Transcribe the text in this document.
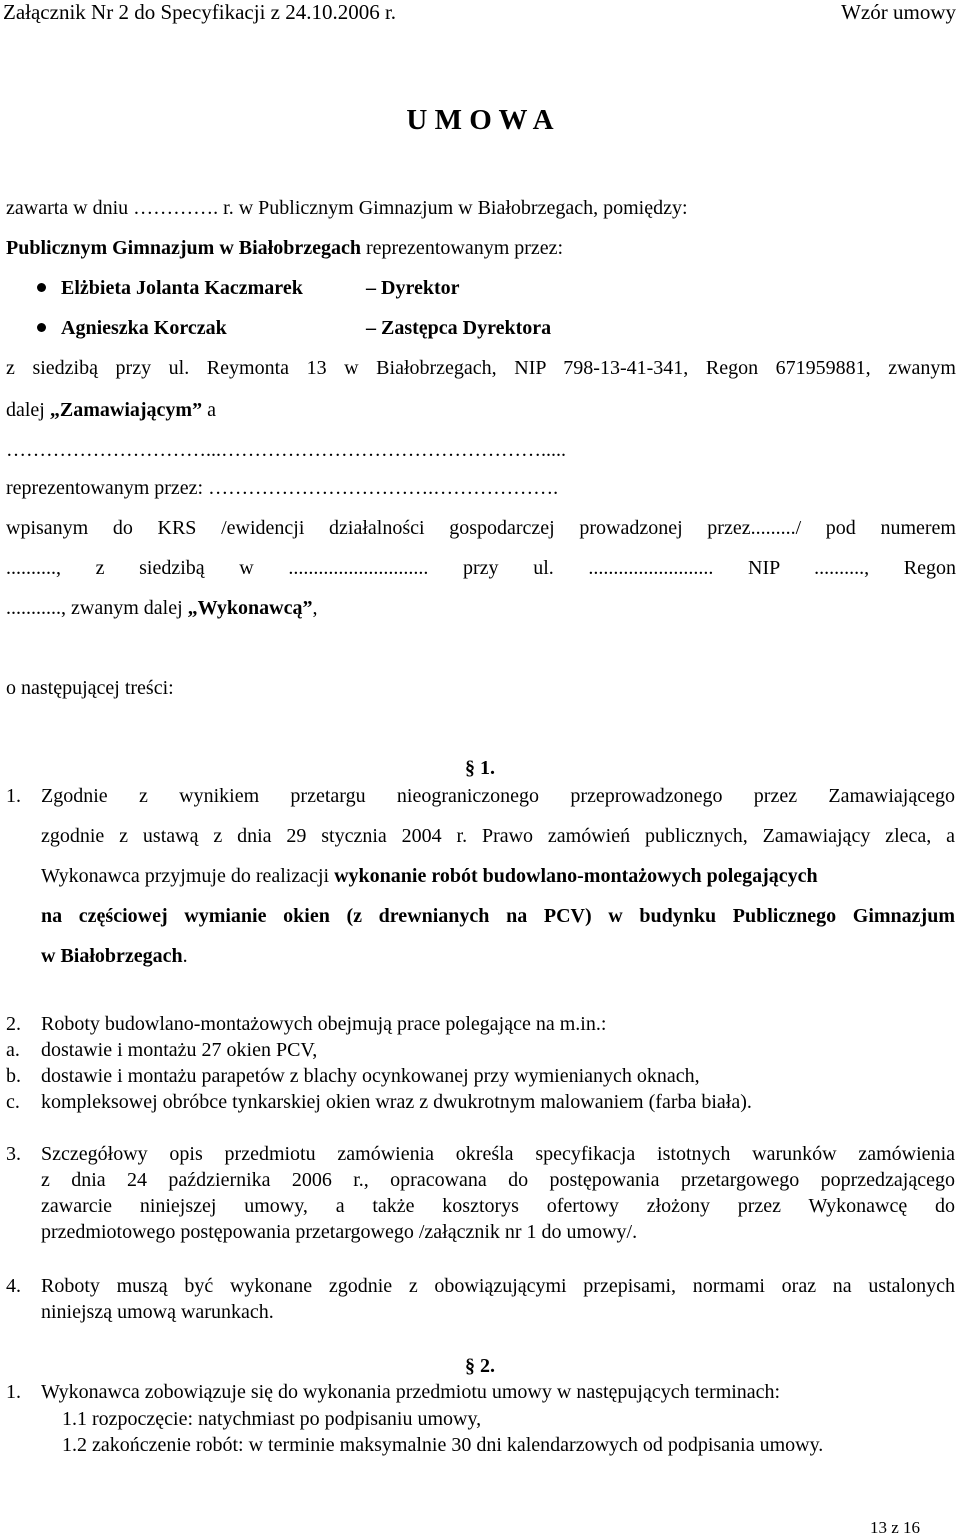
Załącznik Nr 2 do Specyfikacji z 24.10.2006 r.	Wzór umowy
U M O W A
zawarta w dniu …………. r. w Publicznym Gimnazjum w Białobrzegach, pomiędzy:
Publicznym Gimnazjum w Białobrzegach reprezentowanym przez:
Elżbieta Jolanta Kaczmarek	– Dyrektor
Agnieszka Korczak	– Zastępca Dyrektora
z siedzibą przy ul. Reymonta 13 w Białobrzegach, NIP 798-13-41-341, Regon 671959881, zwanym
dalej „Zamawiającym” a
…………………………...………………………………………….....
reprezentowanym przez: …………………………….……………….
wpisanym do KRS /ewidencji działalności gospodarczej prowadzonej przez........./ pod numerem
.........., z siedzibą w ............................ przy ul. ......................... NIP .........., Regon
..........., zwanym dalej „Wykonawcą”,
o następującej treści:
§ 1.
1. Zgodnie z wynikiem przetargu nieograniczonego przeprowadzonego przez Zamawiającego
zgodnie z ustawą z dnia 29 stycznia 2004 r. Prawo zamówień publicznych, Zamawiający zleca, a
Wykonawca przyjmuje do realizacji wykonanie robót budowlano-montażowych polegających
na częściowej wymianie okien (z drewnianych na PCV) w budynku Publicznego Gimnazjum
w Białobrzegach.
2. Roboty budowlano-montażowych obejmują prace polegające na m.in.:
a. dostawie i montażu 27 okien PCV,
b. dostawie i montażu parapetów z blachy ocynkowanej przy wymienianych oknach,
c. kompleksowej obróbce tynkarskiej okien wraz z dwukrotnym malowaniem (farba biała).
3. Szczegółowy opis przedmiotu zamówienia określa specyfikacja istotnych warunków zamówienia
z dnia 24 października 2006 r., opracowana do postępowania przetargowego poprzedzającego
zawarcie niniejszej umowy, a także kosztorys ofertowy złożony przez Wykonawcę do
przedmiotowego postępowania przetargowego /załącznik nr 1 do umowy/.
4. Roboty muszą być wykonane zgodnie z obowiązującymi przepisami, normami oraz na ustalonych
niniejszą umową warunkach.
§ 2.
1. Wykonawca zobowiązuje się do wykonania przedmiotu umowy w następujących terminach:
1.1 rozpoczęcie: natychmiast po podpisaniu umowy,
1.2 zakończenie robót: w terminie maksymalnie 30 dni kalendarzowych od podpisania umowy.
13 z 16
